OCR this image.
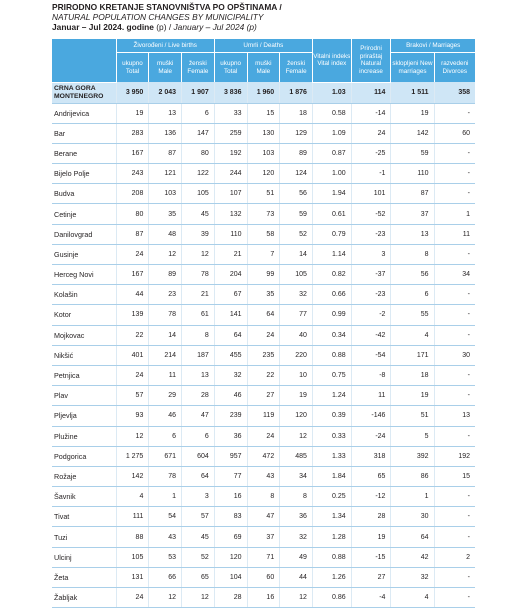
PRIRODNO KRETANJE STANOVNIŠTVA PO OPŠTINAMA /
NATURAL POPULATION CHANGES BY MUNICIPALITY
Januar – Jul 2024. godine (p) / January – Jul 2024 (p)
	Živorođeni / Live births			Umrli / Deaths			Vitalni indeks Vital index	Prirodni priraštaj Natural increase	Brakovi / Marriages	
	ukupno Total	muški Male	ženski Female	ukupno Total	muški Male	ženski Female			sklopljeni New marriages	razvedeni Divorces
CRNA GORA MONTENEGRO	3 950	2 043	1 907	3 836	1 960	1 876	1.03	114	1 511	358
Andrijevica	19	13	6	33	15	18	0.58	-14	19	-
Bar	283	136	147	259	130	129	1.09	24	142	60
Berane	167	87	80	192	103	89	0.87	-25	59	-
Bijelo Polje	243	121	122	244	120	124	1.00	-1	110	-
Budva	208	103	105	107	51	56	1.94	101	87	-
Cetinje	80	35	45	132	73	59	0.61	-52	37	1
Danilovgrad	87	48	39	110	58	52	0.79	-23	13	11
Gusinje	24	12	12	21	7	14	1.14	3	8	-
Herceg Novi	167	89	78	204	99	105	0.82	-37	56	34
Kolašin	44	23	21	67	35	32	0.66	-23	6	-
Kotor	139	78	61	141	64	77	0.99	-2	55	-
Mojkovac	22	14	8	64	24	40	0.34	-42	4	-
Nikšić	401	214	187	455	235	220	0.88	-54	171	30
Petnjica	24	11	13	32	22	10	0.75	-8	18	-
Plav	57	29	28	46	27	19	1.24	11	19	-
Pljevlja	93	46	47	239	119	120	0.39	-146	51	13
Plužine	12	6	6	36	24	12	0.33	-24	5	-
Podgorica	1 275	671	604	957	472	485	1.33	318	392	192
Rožaje	142	78	64	77	43	34	1.84	65	86	15
Šavnik	4	1	3	16	8	8	0.25	-12	1	-
Tivat	111	54	57	83	47	36	1.34	28	30	-
Tuzi	88	43	45	69	37	32	1.28	19	64	-
Ulcinj	105	53	52	120	71	49	0.88	-15	42	2
Žeta	131	66	65	104	60	44	1.26	27	32	-
Žabljak	24	12	12	28	16	12	0.86	-4	4	-
